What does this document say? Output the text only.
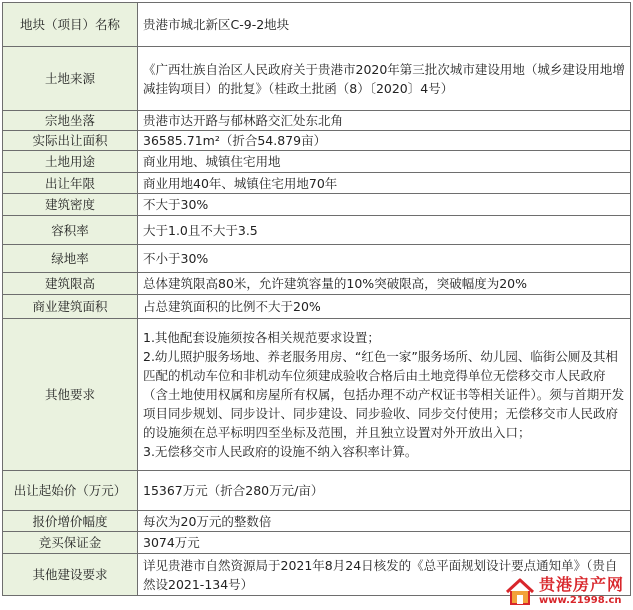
地块（项目）名称	贵港市城北新区C-9-2地块
土地来源	《广西壮族自治区人民政府关于贵港市2020年第三批次城市建设用地（城乡建设用地增减挂钩项目）的批复》（桂政土批函（8）〔2020〕4号）
宗地坐落	贵港市达开路与郁林路交汇处东北角
实际出让面积	36585.71m²（折合54.879亩）
土地用途	商业用地、城镇住宅用地
出让年限	商业用地40年、城镇住宅用地70年
建筑密度	不大于30%
容积率	大于1.0且不大于3.5
绿地率	不小于30%
建筑限高	总体建筑限高80米，允许建筑容量的10%突破限高，突破幅度为20%
商业建筑面积	占总建筑面积的比例不大于20%
其他要求	1.其他配套设施须按各相关规范要求设置；
2.幼儿照护服务场地、养老服务用房、“红色一家”服务场所、幼儿园、临街公厕及其相匹配的机动车位和非机动车位须建成验收合格后由土地竞得单位无偿移交市人民政府（含土地使用权属和房屋所有权属，包括办理不动产权证书等相关证件）。须与首期开发项目同步规划、同步设计、同步建设、同步验收、同步交付使用；无偿移交市人民政府的设施须在总平标明四至坐标及范围，并且独立设置对外开放出入口；
3.无偿移交市人民政府的设施不纳入容积率计算。

出让起始价（万元）	15367万元（折合280万元/亩）
报价增价幅度	每次为20万元的整数倍
竞买保证金	3074万元
其他建设要求	详见贵港市自然资源局于2021年8月24日核发的《总平面规划设计要点通知单》（贵自然设2021-134号）	贵港房产网
www.21998.cn
